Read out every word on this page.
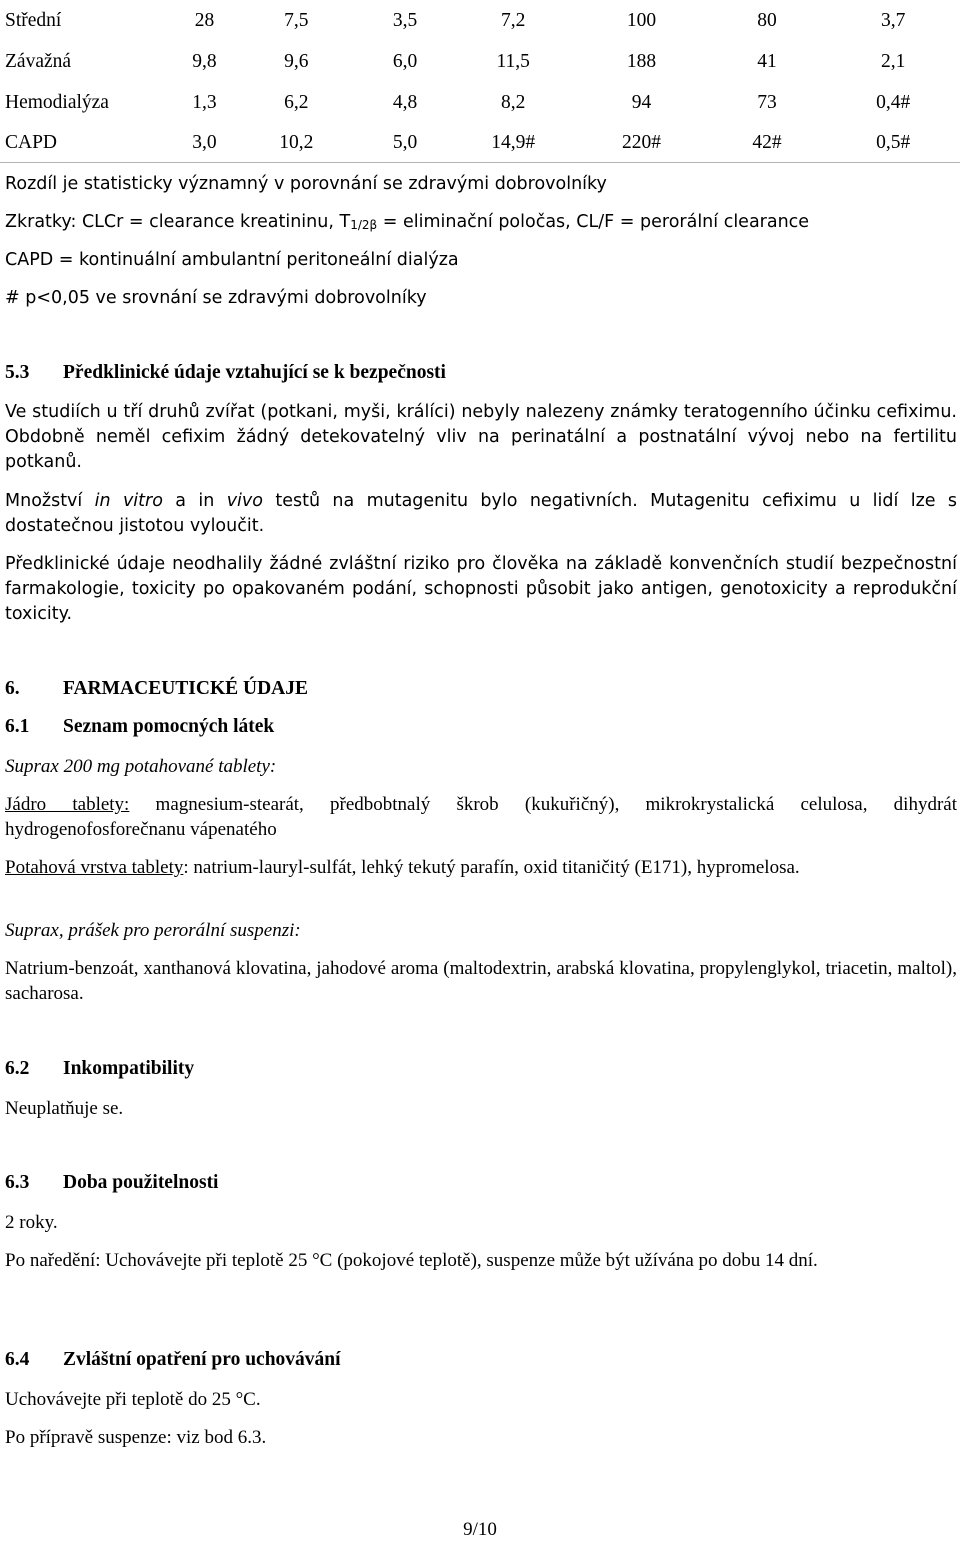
Střední	28	7,5	3,5	7,2	100	80	3,7
Závažná	9,8	9,6	6,0	11,5	188	41	2,1
Hemodialýza	1,3	6,2	4,8	8,2	94	73	0,4#
CAPD	3,0	10,2	5,0	14,9#	220#	42#	0,5#
Rozdíl je statisticky významný v porovnání se zdravými dobrovolníky
Zkratky: CLCr = clearance kreatininu, $T_{1/2\beta}$ = eliminační poločas, CL/F = perorální clearance
CAPD = kontinuální ambulantní peritoneální dialýza
# p<0,05 ve srovnání se zdravými dobrovolníky
5.3 Předklinické údaje vztahující se k bezpečnosti
Ve studiích u tří druhů zvířat (potkani, myši, králíci) nebyly nalezeny známky teratogenního účinku cefiximu. Obdobně neměl cefixim žádný detekovatelný vliv na perinatální a postnatální vývoj nebo na fertilitu potkanů.
Množství in vitro a in vivo testů na mutagenitu bylo negativních. Mutagenitu cefiximu u lidí lze s dostatečnou jistotou vyloučit.
Předklinické údaje neodhalily žádné zvláštní riziko pro člověka na základě konvenčních studií bezpečnostní farmakologie, toxicity po opakovaném podání, schopnosti působit jako antigen, genotoxicity a reprodukční toxicity.
6. FARMACEUTICKÉ ÚDAJE
6.1 Seznam pomocných látek
Suprax 200 mg potahované tablety:
Jádro tablety: magnesium-stearát, předbobtnalý škrob (kukuřičný), mikrokrystalická celulosa, dihydrát hydrogenofosforečnanu vápenatého
Potahová vrstva tablety: natrium-lauryl-sulfát, lehký tekutý parafín, oxid titaničitý (E171), hypromelosa.
Suprax, prášek pro perorální suspenzi:
Natrium-benzoát, xanthanová klovatina, jahodové aroma (maltodextrin, arabská klovatina, propylenglykol, triacetin, maltol), sacharosa.
6.2 Inkompatibility
Neuplatňuje se.
6.3 Doba použitelnosti
2 roky.
Po naředění: Uchovávejte při teplotě 25 °C (pokojové teplotě), suspenze může být užívána po dobu 14 dní.
6.4 Zvláštní opatření pro uchovávání
Uchovávejte při teplotě do 25 °C.
Po přípravě suspenze: viz bod 6.3.
9/10
